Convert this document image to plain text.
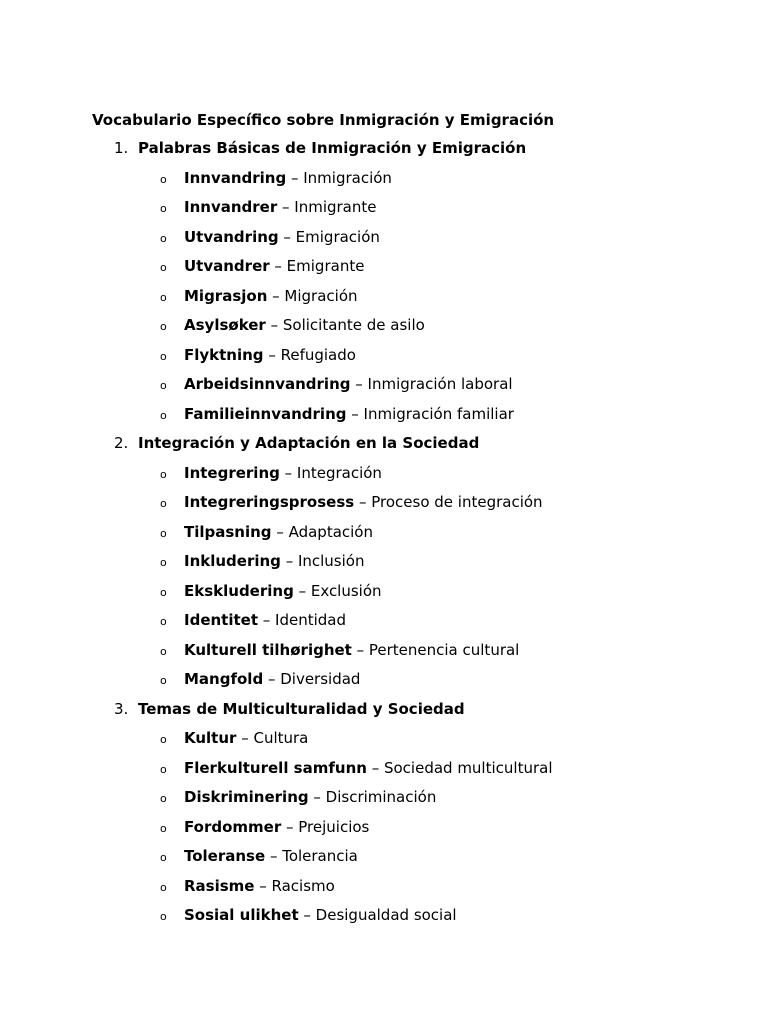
Vocabulario Específico sobre Inmigración y Emigración
1. Palabras Básicas de Inmigración y Emigración
o Innvandring – Inmigración
o Innvandrer – Inmigrante
o Utvandring – Emigración
o Utvandrer – Emigrante
o Migrasjon – Migración
o Asylsøker – Solicitante de asilo
o Flyktning – Refugiado
o Arbeidsinnvandring – Inmigración laboral
o Familieinnvandring – Inmigración familiar
2. Integración y Adaptación en la Sociedad
o Integrering – Integración
o Integreringsprosess – Proceso de integración
o Tilpasning – Adaptación
o Inkludering – Inclusión
o Ekskludering – Exclusión
o Identitet – Identidad
o Kulturell tilhørighet – Pertenencia cultural
o Mangfold – Diversidad
3. Temas de Multiculturalidad y Sociedad
o Kultur – Cultura
o Flerkulturell samfunn – Sociedad multicultural
o Diskriminering – Discriminación
o Fordommer – Prejuicios
o Toleranse – Tolerancia
o Rasisme – Racismo
o Sosial ulikhet – Desigualdad social
